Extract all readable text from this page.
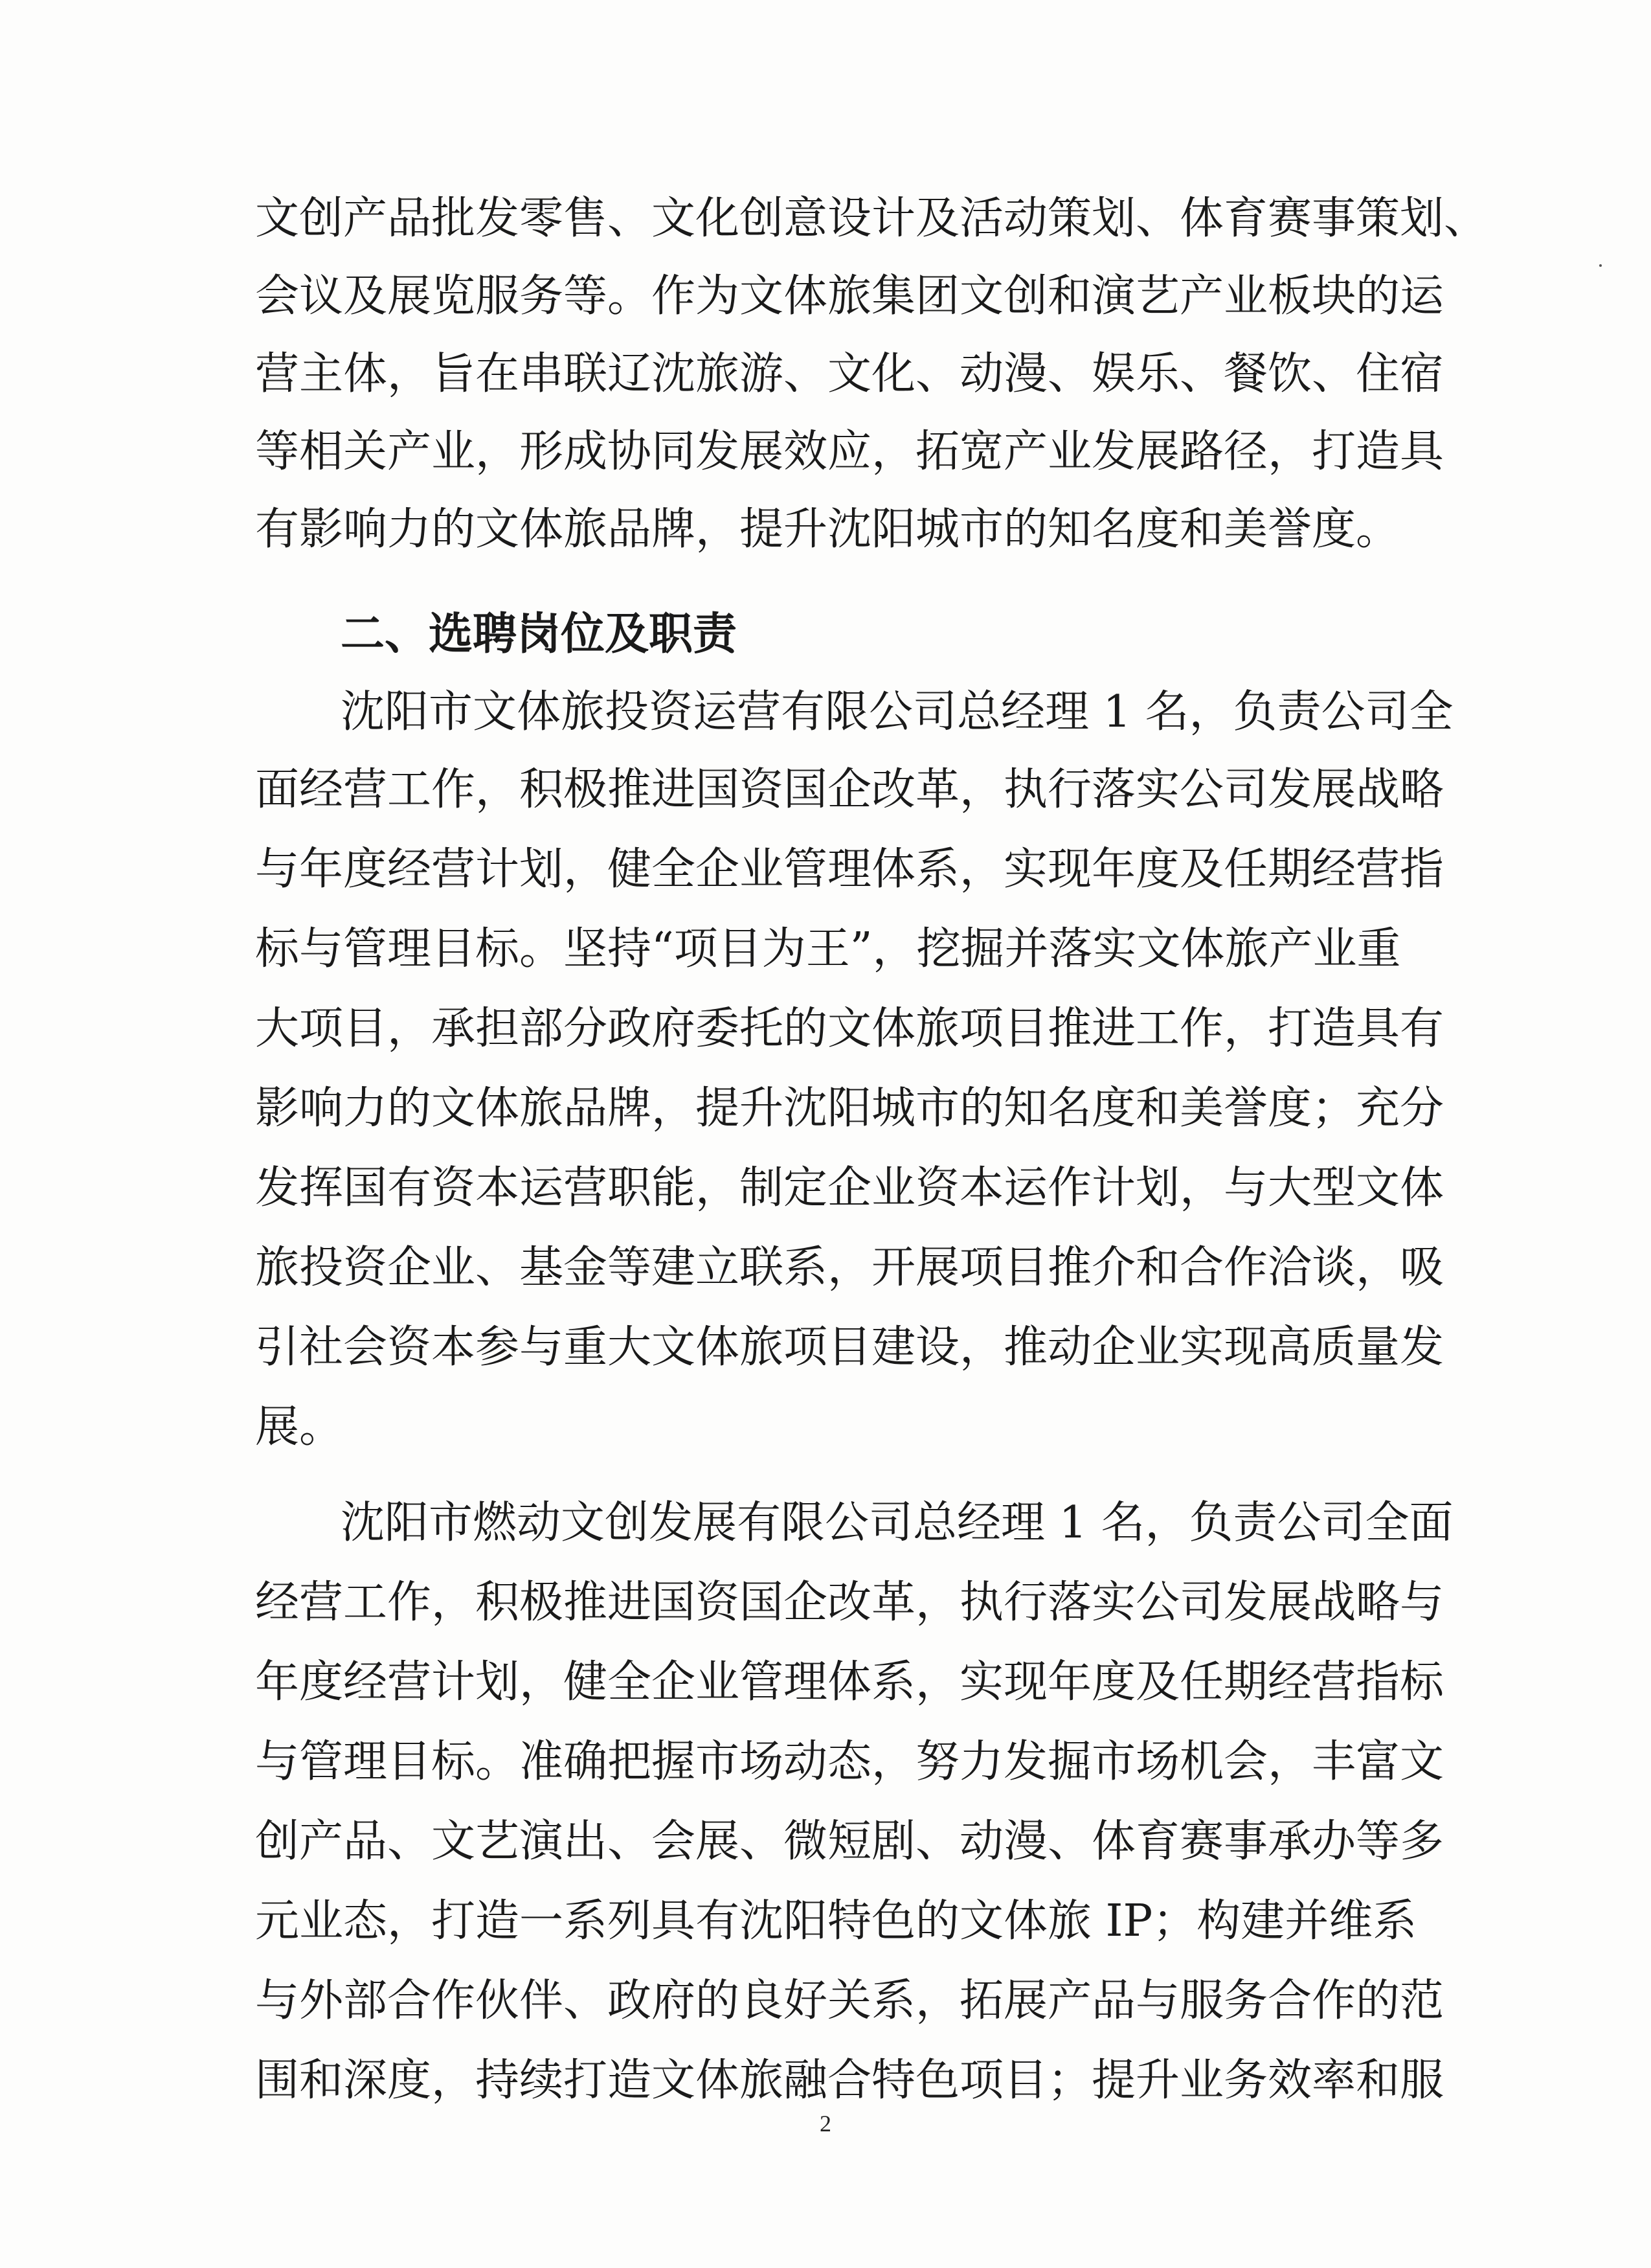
文创产品批发零售、文化创意设计及活动策划、体育赛事策划、

会议及展览服务等。作为文体旅集团文创和演艺产业板块的运

营主体，旨在串联辽沈旅游、文化、动漫、娱乐、餐饮、住宿

等相关产业，形成协同发展效应，拓宽产业发展路径，打造具

有影响力的文体旅品牌，提升沈阳城市的知名度和美誉度。

二、选聘岗位及职责

沈阳市文体旅投资运营有限公司总经理 1 名，负责公司全

面经营工作，积极推进国资国企改革，执行落实公司发展战略

与年度经营计划，健全企业管理体系，实现年度及任期经营指

标与管理目标。坚持“项目为王”，挖掘并落实文体旅产业重

大项目，承担部分政府委托的文体旅项目推进工作，打造具有

影响力的文体旅品牌，提升沈阳城市的知名度和美誉度；充分

发挥国有资本运营职能，制定企业资本运作计划，与大型文体

旅投资企业、基金等建立联系，开展项目推介和合作洽谈，吸

引社会资本参与重大文体旅项目建设，推动企业实现高质量发

展。

沈阳市燃动文创发展有限公司总经理 1 名，负责公司全面

经营工作，积极推进国资国企改革，执行落实公司发展战略与

年度经营计划，健全企业管理体系，实现年度及任期经营指标

与管理目标。准确把握市场动态，努力发掘市场机会，丰富文

创产品、文艺演出、会展、微短剧、动漫、体育赛事承办等多

元业态，打造一系列具有沈阳特色的文体旅 IP；构建并维系

与外部合作伙伴、政府的良好关系，拓展产品与服务合作的范

围和深度，持续打造文体旅融合特色项目；提升业务效率和服

2
